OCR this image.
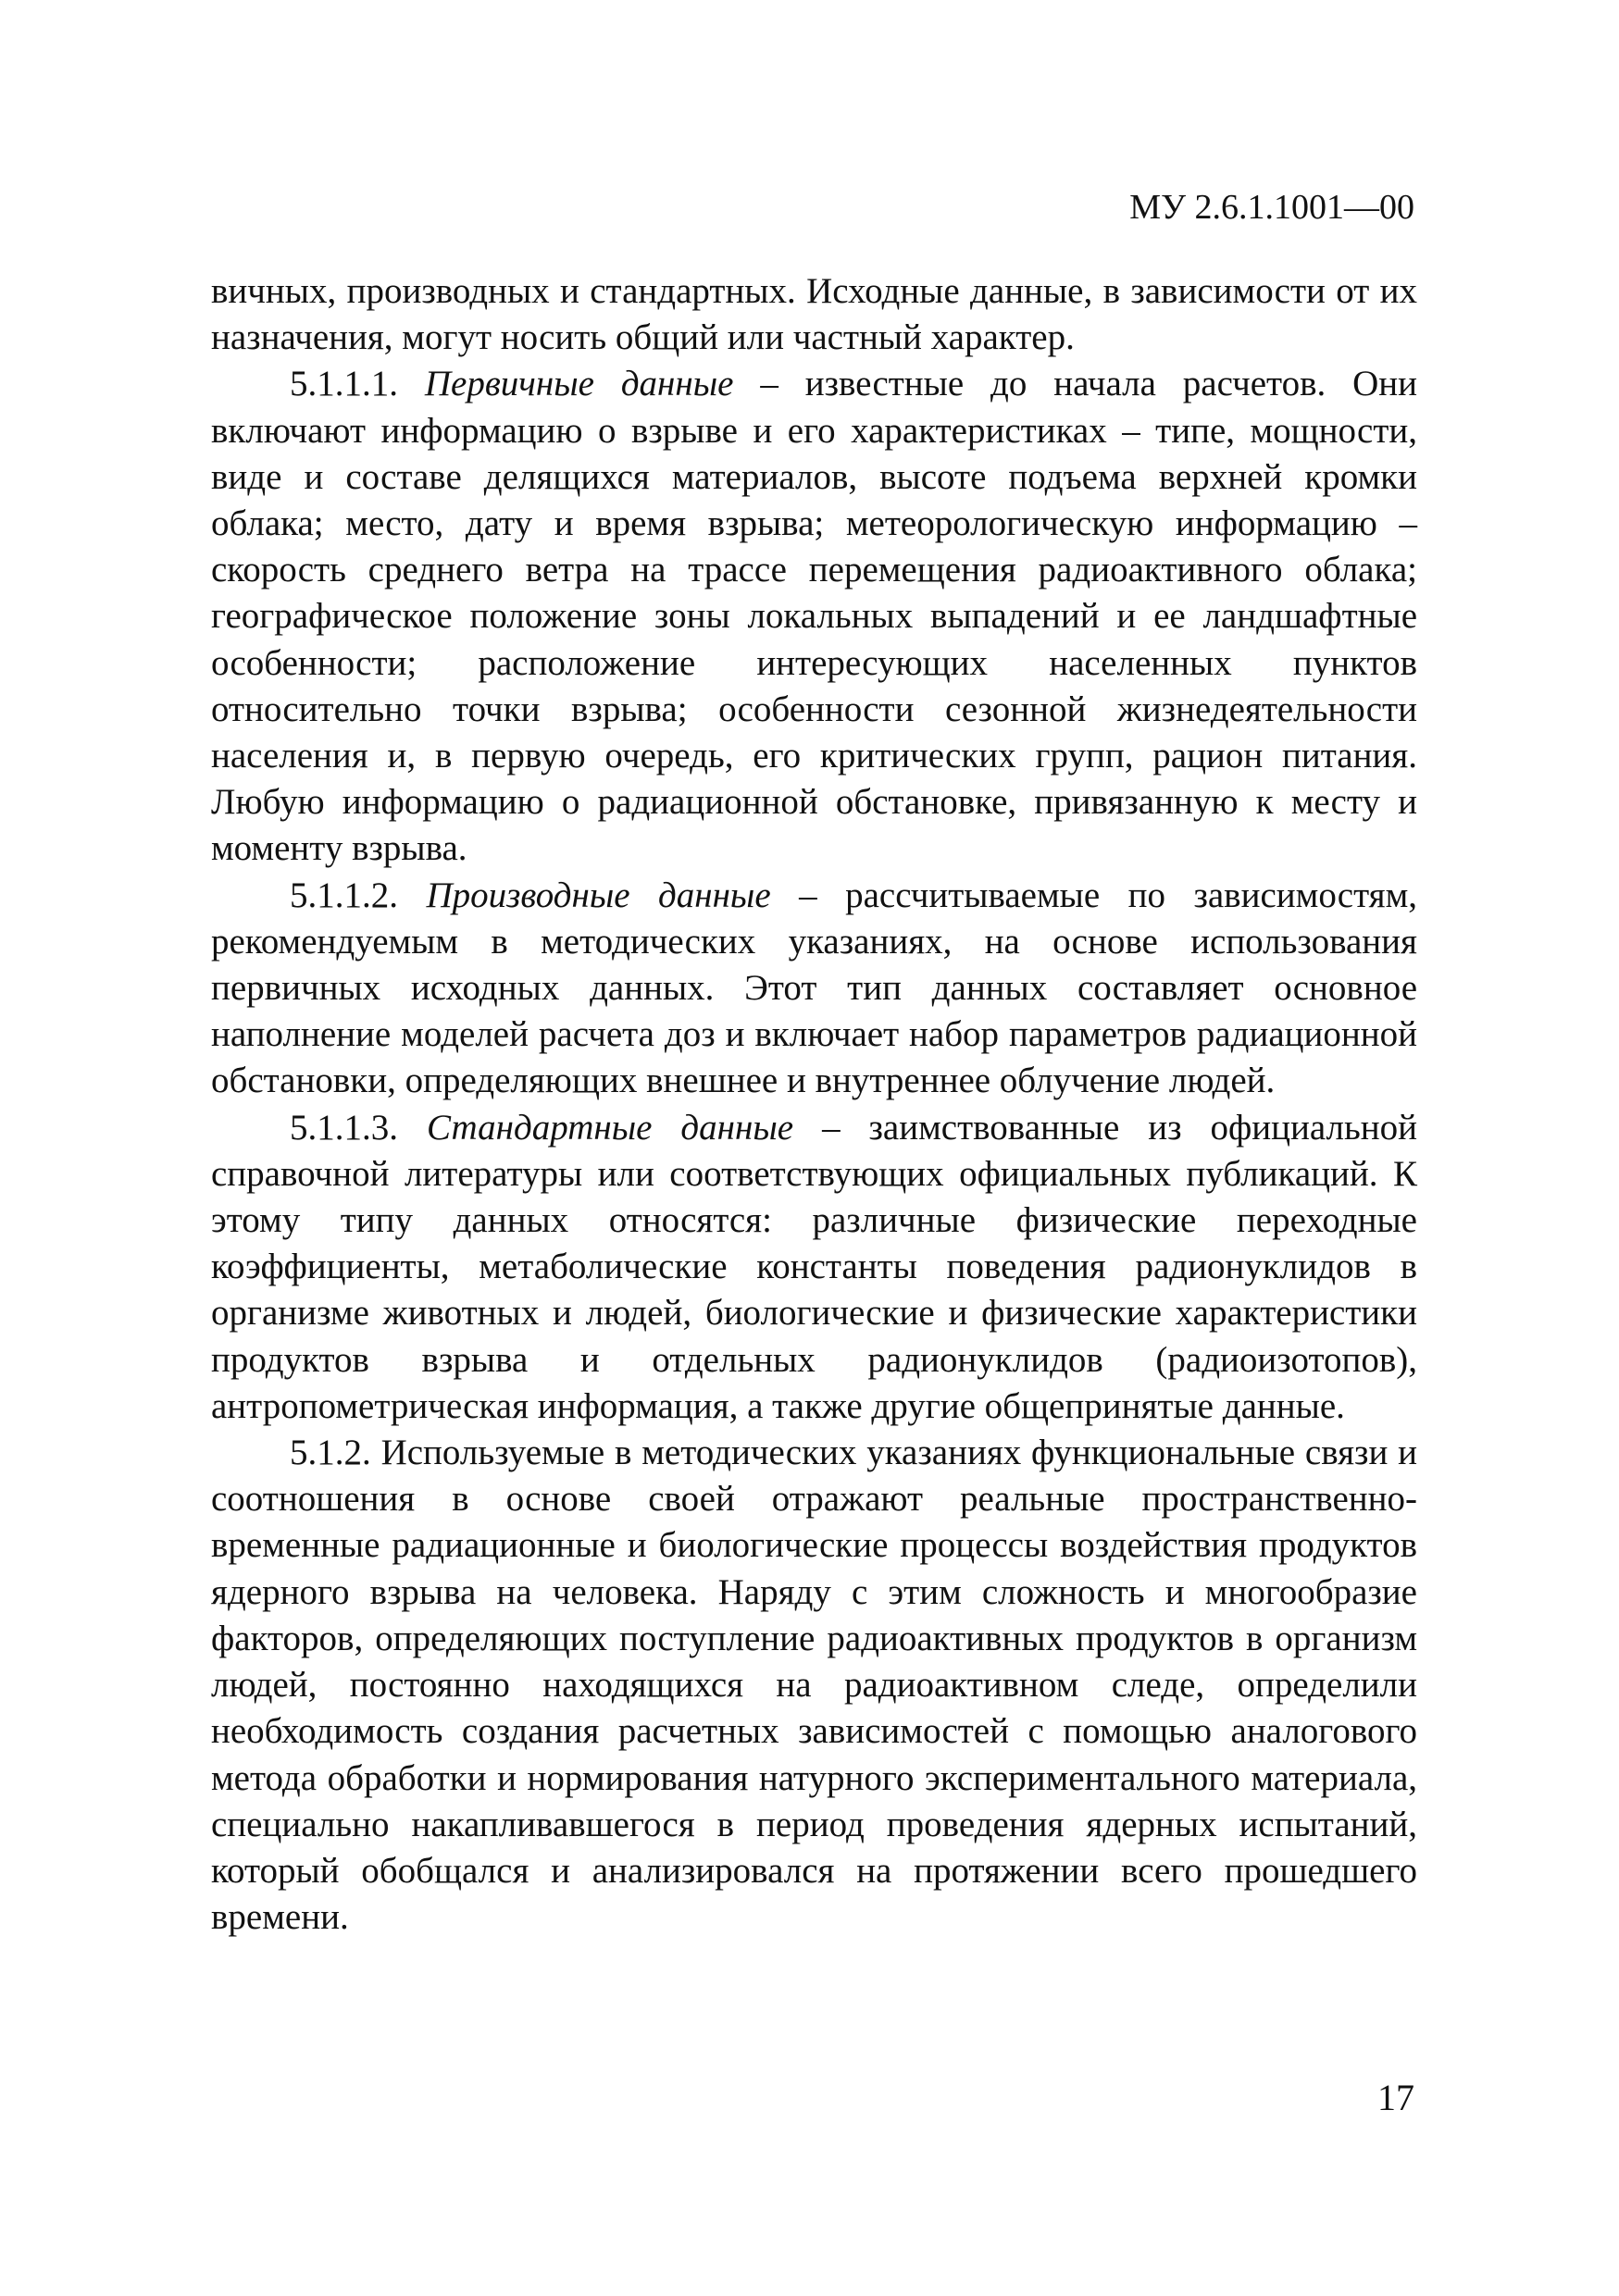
МУ 2.6.1.1001—00

вичных, производных и стандартных. Исходные данные, в зависимости от их назначения, могут носить общий или частный характер.

5.1.1.1. Первичные данные – известные до начала расчетов. Они включают информацию о взрыве и его характеристиках – типе, мощности, виде и составе делящихся материалов, высоте подъема верхней кромки облака; место, дату и время взрыва; метеорологическую информацию – скорость среднего ветра на трассе перемещения радиоактивного облака; географическое положение зоны локальных выпадений и ее ландшафтные особенности; расположение интересующих населенных пунктов относительно точки взрыва; особенности сезонной жизнедеятельности населения и, в первую очередь, его критических групп, рацион питания. Любую информацию о радиационной обстановке, привязанную к месту и моменту взрыва.

5.1.1.2. Производные данные – рассчитываемые по зависимостям, рекомендуемым в методических указаниях, на основе использования первичных исходных данных. Этот тип данных составляет основное наполнение моделей расчета доз и включает набор параметров радиационной обстановки, определяющих внешнее и внутреннее облучение людей.

5.1.1.3. Стандартные данные – заимствованные из официальной справочной литературы или соответствующих официальных публикаций. К этому типу данных относятся: различные физические переходные коэффициенты, метаболические константы поведения радионуклидов в организме животных и людей, биологические и физические характеристики продуктов взрыва и отдельных радионуклидов (радиоизотопов), антропометрическая информация, а также другие общепринятые данные.

5.1.2. Используемые в методических указаниях функциональные связи и соотношения в основе своей отражают реальные пространственно-временные радиационные и биологические процессы воздействия продуктов ядерного взрыва на человека. Наряду с этим сложность и многообразие факторов, определяющих поступление радиоактивных продуктов в организм людей, постоянно находящихся на радиоактивном следе, определили необходимость создания расчетных зависимостей с помощью аналогового метода обработки и нормирования натурного экспериментального материала, специально накапливавшегося в период проведения ядерных испытаний, который обобщался и анализировался на протяжении всего прошедшего времени.

17
